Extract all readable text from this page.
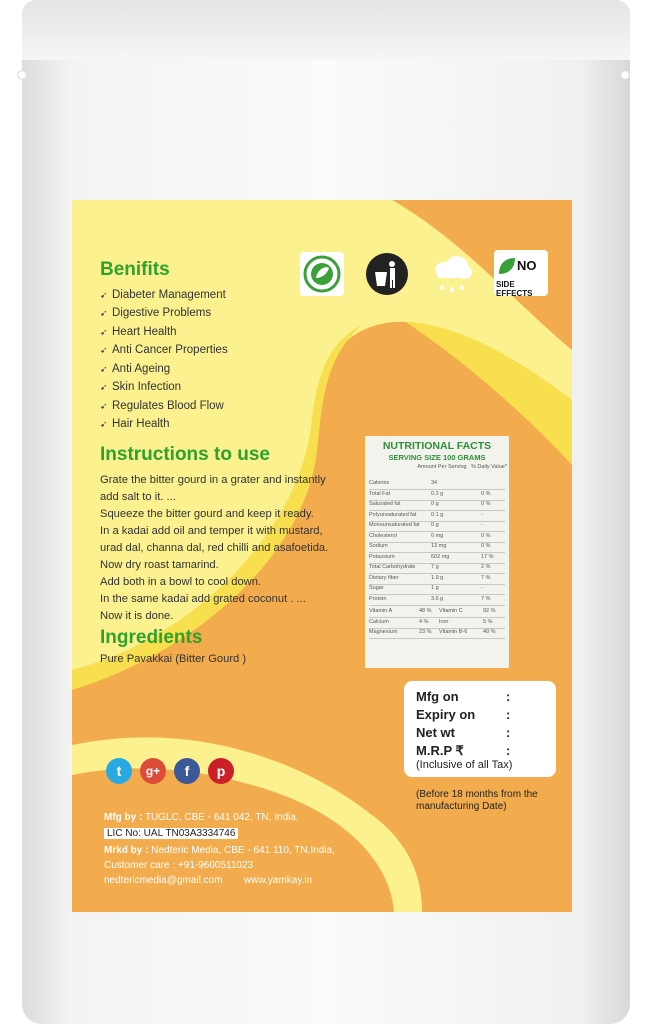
NO
SIDE EFFECTS
Benifits
➹ Diabeter Management
➹ Digestive Problems
➹ Heart Health
➹ Anti Cancer Properties
➹ Anti Ageing
➹ Skin Infection
➹ Regulates Blood Flow
➹ Hair Health
Instructions to use
Grate the bitter gourd in a grater and instantly
add salt to it. ...
Squeeze the bitter gourd and keep it ready.
In a kadai add oil and temper it with mustard,
urad dal, channa dal, red chilli and asafoetida.
Now dry roast tamarind.
Add both in a bowl to cool down.
In the same kadai add grated coconut . ...
Now it is done.
Ingredients
Pure Pavakkai (Bitter Gourd )
NUTRITIONAL FACTS
SERVING SIZE 100 GRAMS
Amount Per Serving % Daily Value*
Calories	34
Total Fat	0.2 g	0 %
Saturated fat	0 g	0 %
Polyunsaturated fat	0.1 g	-
Monounsaturated fat 0 g	-
Cholesterol	0 mg	0 %
Sodium	13 mg	0 %
Potassium	602 mg	17 %
Total Carbohydrate	7 g	2 %
Dietary fiber	1.9 g	7 %
Sugar	1 g	-
Protein	3.6 g	7 %
Vitamin A	48 % Vitamin C	92 %
Calcium	4 % Iron	5 %
Magnesium	23 % Vitamin B-6	40 %
Mfg on	:
Expiry on :
Net wt	:
M.R.P ₹	:
(Inclusive of all Tax)
(Before 18 months from the
manufacturing Date)
t	g+	f	p
Mfg by : TUGLC, CBE - 641 042, TN, India.
LIC No: UAL TN03A3334746
Mrkd by : Nedteric Media, CBE - 641 110, TN,India,
Customer care : +91-9600511023
nedtericmedia@gmail.com www.yamkay.in
